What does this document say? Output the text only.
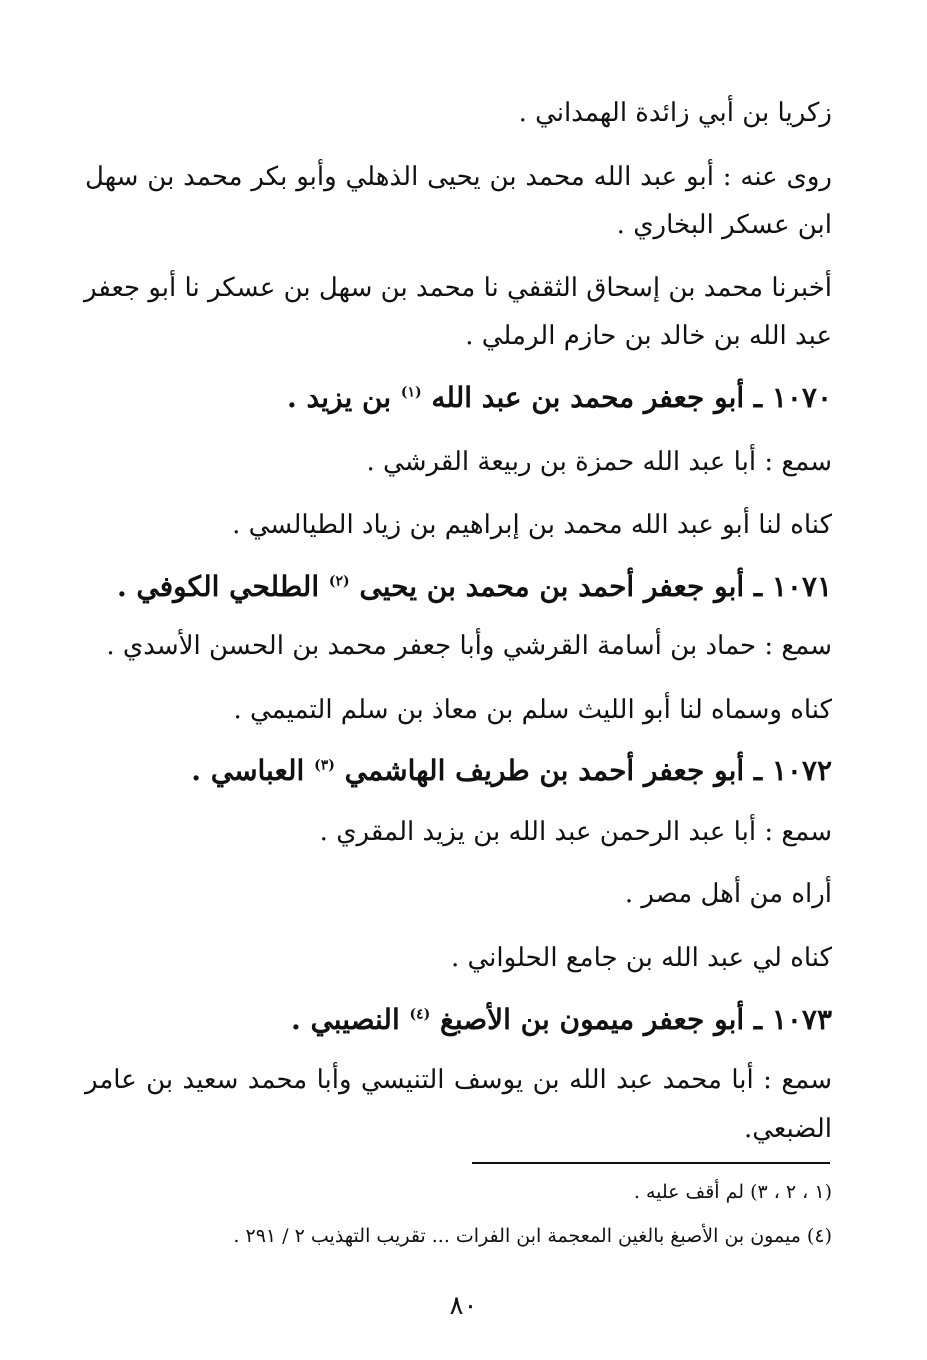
زكريا بن أبي زائدة الهمداني .

روى عنه : أبو عبد الله محمد بن يحيى الذهلي وأبو بكر محمد بن سهل

ابن عسكر البخاري .

أخبرنا محمد بن إسحاق الثقفي نا محمد بن سهل بن عسكر نا أبو جعفر

عبد الله بن خالد بن حازم الرملي .

١٠٧٠ ـ أبو جعفر محمد بن عبد الله $^{(١)}$ بن يزيد .

سمع : أبا عبد الله حمزة بن ربيعة القرشي .

كناه لنا أبو عبد الله محمد بن إبراهيم بن زياد الطيالسي .

١٠٧١ ـ أبو جعفر أحمد بن محمد بن يحيى $^{(٢)}$ الطلحي الكوفي .

سمع : حماد بن أسامة القرشي وأبا جعفر محمد بن الحسن الأسدي .

كناه وسماه لنا أبو الليث سلم بن معاذ بن سلم التميمي .

١٠٧٢ ـ أبو جعفر أحمد بن طريف الهاشمي $^{(٣)}$ العباسي .

سمع : أبا عبد الرحمن عبد الله بن يزيد المقري .

أراه من أهل مصر .

كناه لي عبد الله بن جامع الحلواني .

١٠٧٣ ـ أبو جعفر ميمون بن الأصبغ $^{(٤)}$ النصيبي .

سمع : أبا محمد عبد الله بن يوسف التنيسي وأبا محمد سعيد بن عامر

الضبعي.

(١ ، ٢ ، ٣) لم أقف عليه .

(٤) ميمون بن الأصبغ بالغين المعجمة ابن الفرات ... تقريب التهذيب ٢ / ٢٩١ .

٨٠
